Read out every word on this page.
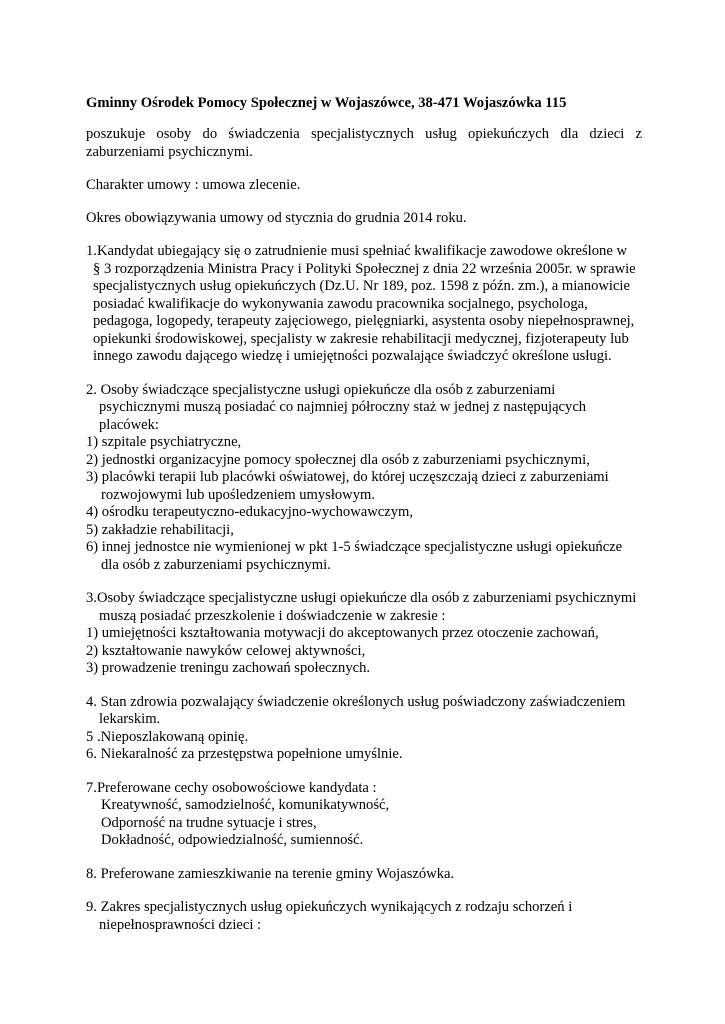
Gminny Ośrodek Pomocy Społecznej w Wojaszówce, 38-471 Wojaszówka 115
poszukuje osoby do świadczenia specjalistycznych usług opiekuńczych dla dzieci z zaburzeniami psychicznymi.
Charakter umowy : umowa zlecenie.
Okres obowiązywania umowy od stycznia do grudnia 2014 roku.
1.Kandydat ubiegający się o zatrudnienie musi spełniać kwalifikacje zawodowe określone w
§ 3 rozporządzenia Ministra Pracy i Polityki Społecznej z dnia 22 września 2005r. w sprawie
specjalistycznych usług opiekuńczych (Dz.U. Nr 189, poz. 1598 z późn. zm.), a mianowicie
posiadać kwalifikacje do wykonywania zawodu pracownika socjalnego, psychologa,
pedagoga, logopedy, terapeuty zajęciowego, pielęgniarki, asystenta osoby niepełnosprawnej,
opiekunki środowiskowej, specjalisty w zakresie rehabilitacji medycznej, fizjoterapeuty lub
innego zawodu dającego wiedzę i umiejętności pozwalające świadczyć określone usługi.
2. Osoby świadczące specjalistyczne usługi opiekuńcze dla osób z zaburzeniami
psychicznymi muszą posiadać co najmniej półroczny staż w jednej z następujących
placówek:
1) szpitale psychiatryczne,
2) jednostki organizacyjne pomocy społecznej dla osób z zaburzeniami psychicznymi,
3) placówki terapii lub placówki oświatowej, do której uczęszczają dzieci z zaburzeniami
rozwojowymi lub upośledzeniem umysłowym.
4) ośrodku terapeutyczno-edukacyjno-wychowawczym,
5) zakładzie rehabilitacji,
6) innej jednostce nie wymienionej w pkt 1-5 świadczące specjalistyczne usługi opiekuńcze
dla osób z zaburzeniami psychicznymi.
3.Osoby świadczące specjalistyczne usługi opiekuńcze dla osób z zaburzeniami psychicznymi
muszą posiadać przeszkolenie i doświadczenie w zakresie :
1) umiejętności kształtowania motywacji do akceptowanych przez otoczenie zachowań,
2) kształtowanie nawyków celowej aktywności,
3) prowadzenie treningu zachowań społecznych.
4. Stan zdrowia pozwalający świadczenie określonych usług poświadczony zaświadczeniem
lekarskim.
5 .Nieposzlakowaną opinię.
6. Niekaralność za przestępstwa popełnione umyślnie.
7.Preferowane cechy osobowościowe kandydata :
Kreatywność, samodzielność, komunikatywność,
Odporność na trudne sytuacje i stres,
Dokładność, odpowiedzialność, sumienność.
8. Preferowane zamieszkiwanie na terenie gminy Wojaszówka.
9. Zakres specjalistycznych usług opiekuńczych wynikających z rodzaju schorzeń i
niepełnosprawności dzieci :
